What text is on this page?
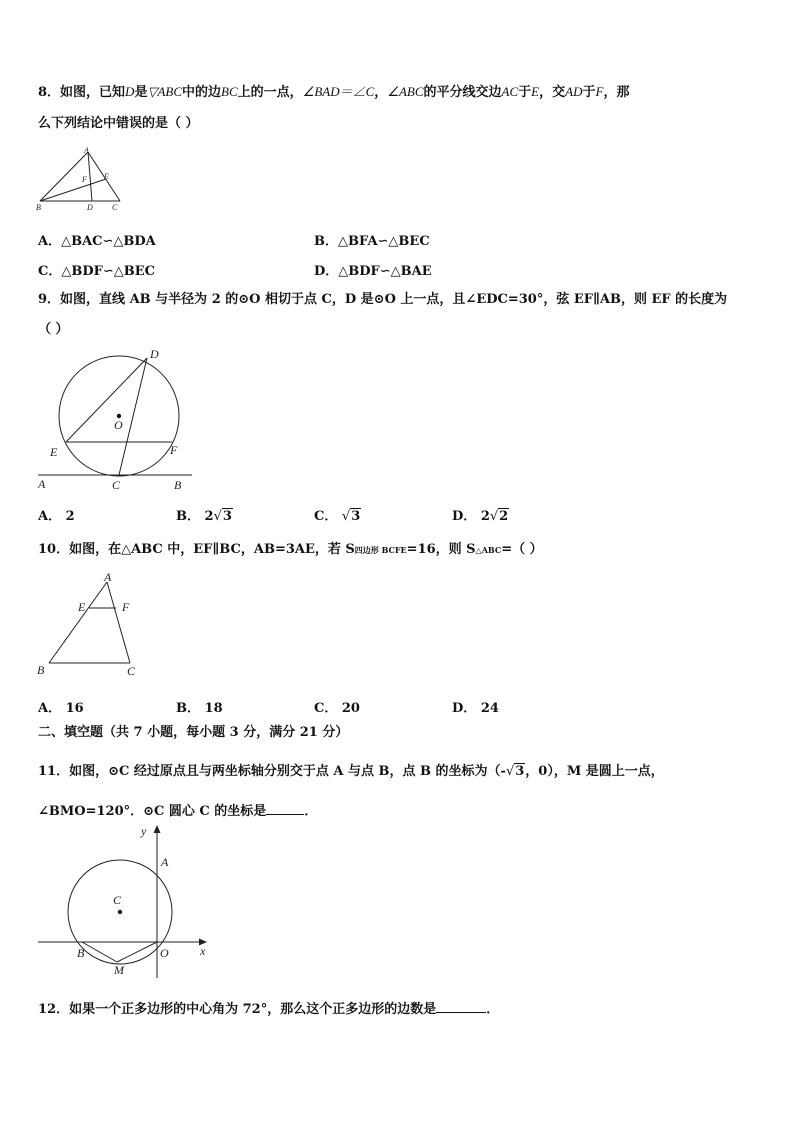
8．如图，已知D是▽ABC中的边BC上的一点，∠BAD＝∠C，∠ABC的平分线交边AC于E，交AD于F，那
么下列结论中错误的是（ ）
A
F E
B	D C
A．△BAC∽△BDA	B．△BFA∽△BEC
C．△BDF∽△BEC	D．△BDF∽△BAE
9．如图，直线 AB 与半径为 2 的⊙O 相切于点 C，D 是⊙O 上一点，且∠EDC=30°，弦 EF∥AB，则 EF 的长度为
（ ）
D
O
E	F
A	C	B
A． 2	B． 2√3	C． √3	D． 2√2
10．如图，在△ABC 中，EF∥BC，AB=3AE，若 S四边形 BCFE=16，则 S△ABC=（ ）
A
E	F
B	C
A． 16	B． 18	C． 20	D． 24
二、填空题（共 7 小题，每小题 3 分，满分 21 分）
11．如图，⊙C 经过原点且与两坐标轴分别交于点 A 与点 B，点 B 的坐标为（-√3，0），M 是圆上一点，
∠BMO=120°．⊙C 圆心 C 的坐标是	．
y
A
C
B	O	x
M
12．如果一个正多边形的中心角为 72°，那么这个正多边形的边数是	．
